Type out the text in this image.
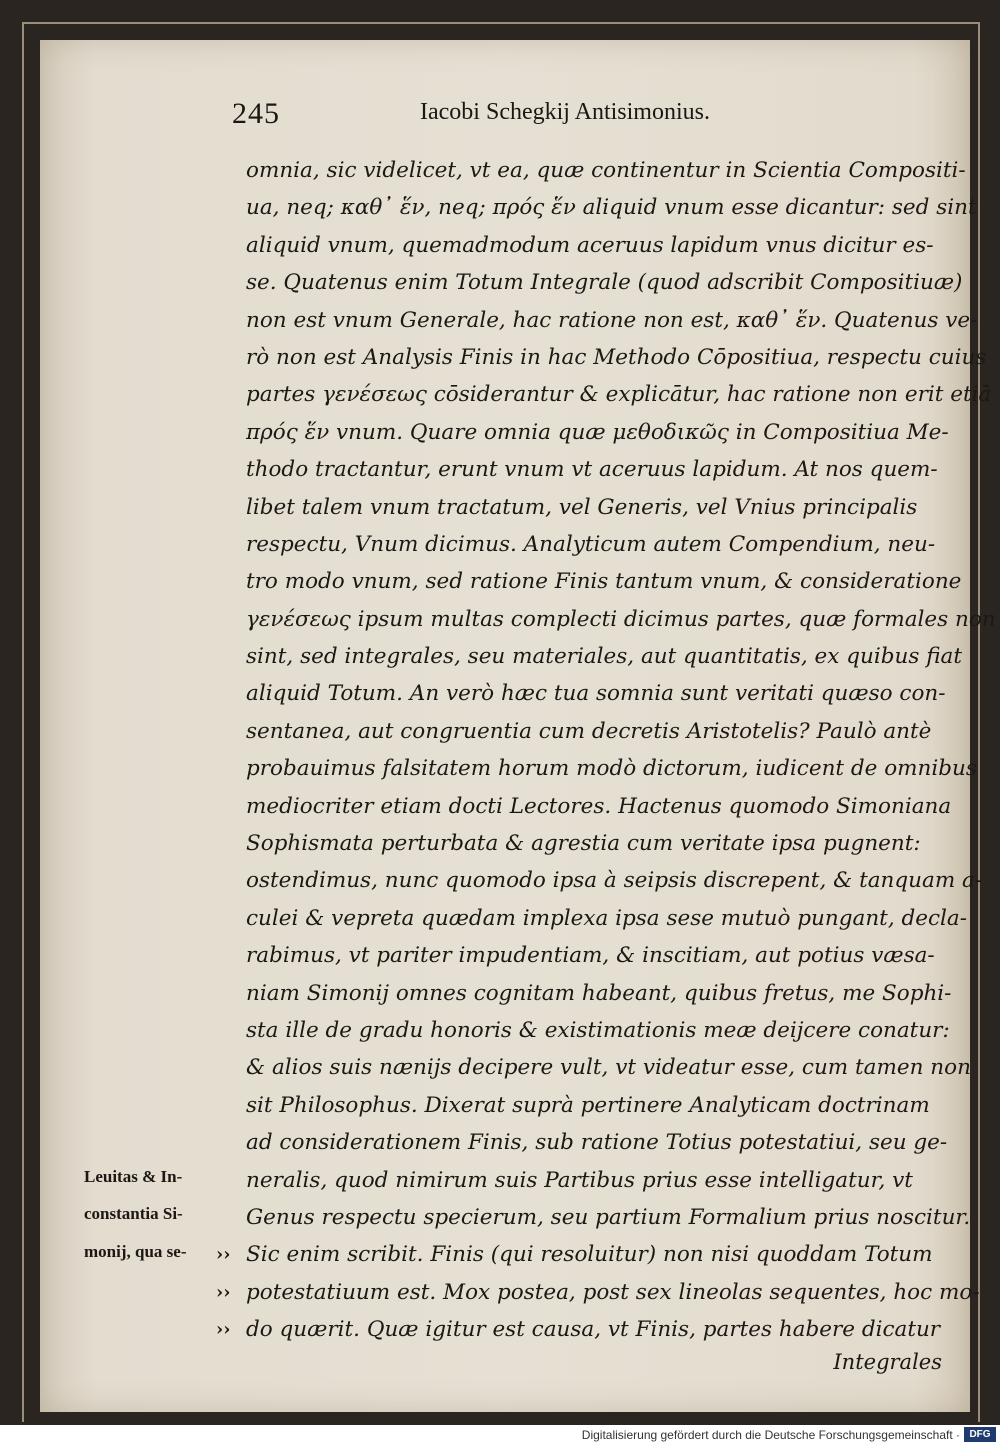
245	Iacobi Schegkij Antisimonius.
omnia, sic videlicet, vt ea, quæ continentur in Scientia Compositi-
ua, neq; καθ᾽ ἕν, neq; πρός ἕν aliquid vnum esse dicantur: sed sint
aliquid vnum, quemadmodum aceruus lapidum vnus dicitur es-
se. Quatenus enim Totum Integrale (quod adscribit Compositiuæ)
non est vnum Generale, hac ratione non est, καθ᾽ ἕν. Quatenus ve-
rò non est Analysis Finis in hac Methodo Cōpositiua, respectu cuius
partes γενέσεως cōsiderantur & explicātur, hac ratione non erit etiā
πρός ἕν vnum. Quare omnia quæ μεθοδικῶς in Compositiua Me-
thodo tractantur, erunt vnum vt aceruus lapidum. At nos quem-
libet talem vnum tractatum, vel Generis, vel Vnius principalis
respectu, Vnum dicimus. Analyticum autem Compendium, neu-
tro modo vnum, sed ratione Finis tantum vnum, & consideratione
γενέσεως ipsum multas complecti dicimus partes, quæ formales non
sint, sed integrales, seu materiales, aut quantitatis, ex quibus fiat
aliquid Totum. An verò hæc tua somnia sunt veritati quæso con-
sentanea, aut congruentia cum decretis Aristotelis? Paulò antè
probauimus falsitatem horum modò dictorum, iudicent de omnibus
mediocriter etiam docti Lectores. Hactenus quomodo Simoniana
Sophismata perturbata & agrestia cum veritate ipsa pugnent:
ostendimus, nunc quomodo ipsa à seipsis discrepent, & tanquam a-
culei & vepreta quædam implexa ipsa sese mutuò pungant, decla-
rabimus, vt pariter impudentiam, & inscitiam, aut potius væsa-
niam Simonij omnes cognitam habeant, quibus fretus, me Sophi-
sta ille de gradu honoris & existimationis meæ deijcere conatur:
& alios suis nænijs decipere vult, vt videatur esse, cum tamen non
sit Philosophus. Dixerat suprà pertinere Analyticam doctrinam
ad considerationem Finis, sub ratione Totius potestatiui, seu ge-
neralis, quod nimirum suis Partibus prius esse intelligatur, vt
Genus respectu specierum, seu partium Formalium prius noscitur.
Sic enim scribit. Finis (qui resoluitur) non nisi quoddam Totum
››
potestatiuum est. Mox postea, post sex lineolas sequentes, hoc mo-
››
do quærit. Quæ igitur est causa, vt Finis, partes habere dicatur
››
Leuitas & In-
constantia Si-
monij, qua se-
Integrales
Digitalisierung gefördert durch die Deutsche Forschungsgemeinschaft · DFG
